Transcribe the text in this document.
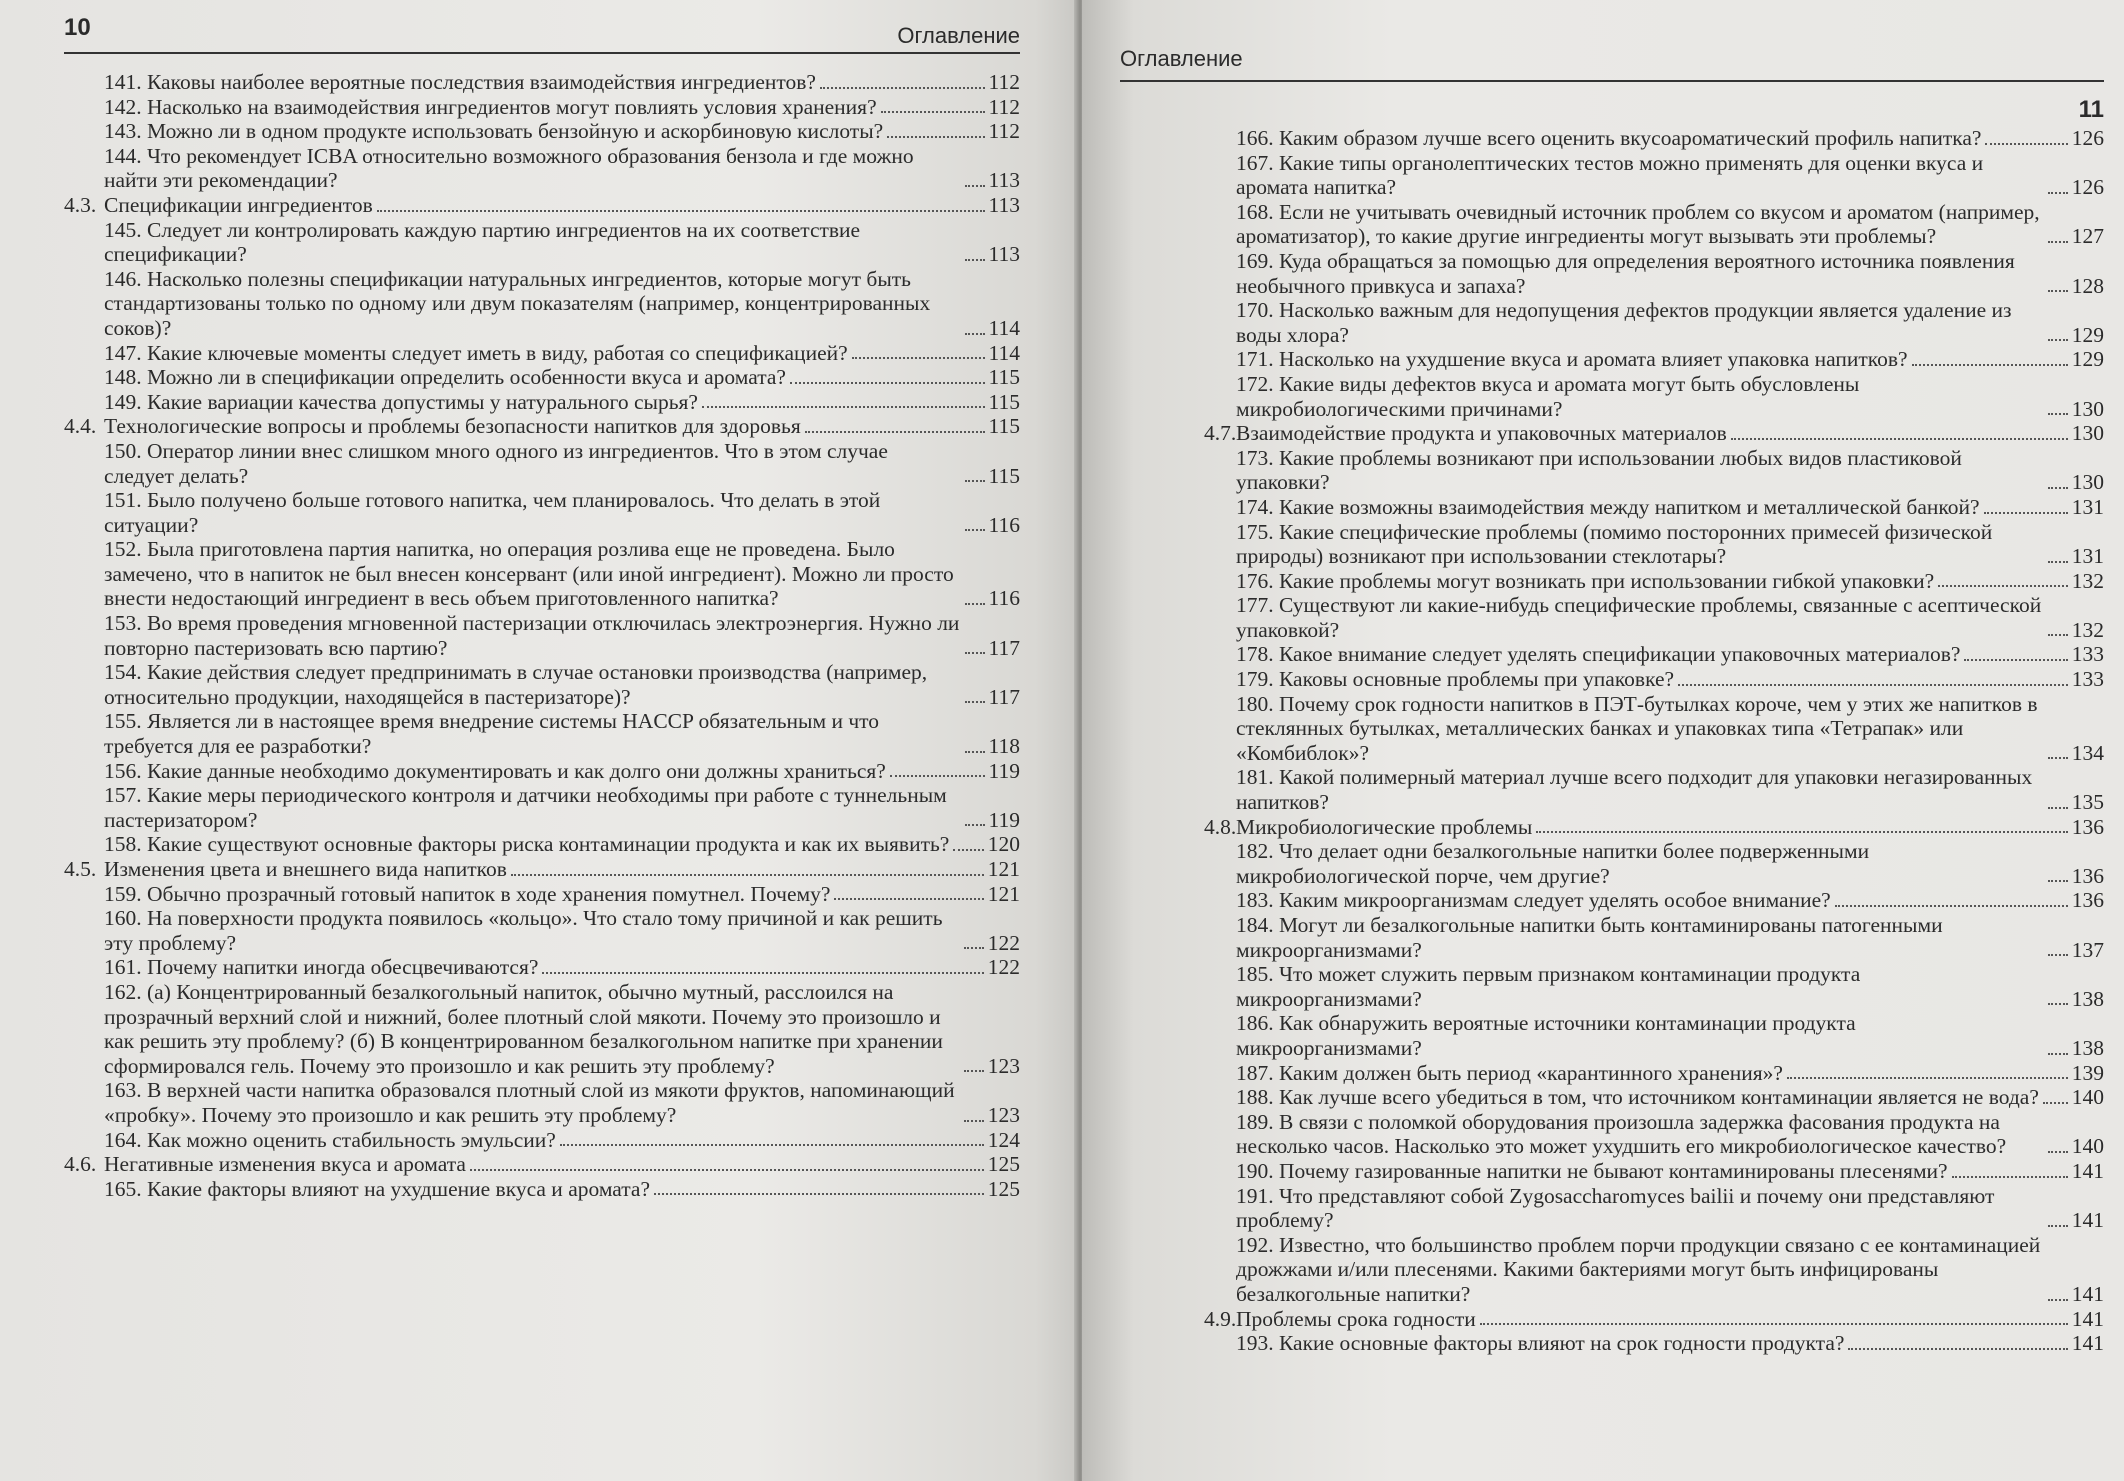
10	Оглавление
141. Каковы наиболее вероятные последствия взаимодействия ингредиентов?	112
142. Насколько на взаимодействия ингредиентов могут повлиять условия хранения?	112
143. Можно ли в одном продукте использовать бензойную и аскорбиновую кислоты?	112
144. Что рекомендует ICBA относительно возможного образования бензола и где можно найти эти рекомендации?	113
4.3. Спецификации ингредиентов	113
145. Следует ли контролировать каждую партию ингредиентов на их соответствие спецификации?	113
146. Насколько полезны спецификации натуральных ингредиентов, которые могут быть стандартизованы только по одному или двум показателям (например, концентрированных соков)?	114
147. Какие ключевые моменты следует иметь в виду, работая со спецификацией?	114
148. Можно ли в спецификации определить особенности вкуса и аромата?	115
149. Какие вариации качества допустимы у натурального сырья?	115
4.4. Технологические вопросы и проблемы безопасности напитков для здоровья	115
150. Оператор линии внес слишком много одного из ингредиентов. Что в этом случае следует делать?	115
151. Было получено больше готового напитка, чем планировалось. Что делать в этой ситуации?	116
152. Была приготовлена партия напитка, но операция розлива еще не проведена. Было замечено, что в напиток не был внесен консервант (или иной ингредиент). Можно ли просто внести недостающий ингредиент в весь объем приготовленного напитка?	116
153. Во время проведения мгновенной пастеризации отключилась электроэнергия. Нужно ли повторно пастеризовать всю партию?	117
154. Какие действия следует предпринимать в случае остановки производства (например, относительно продукции, находящейся в пастеризаторе)?	117
155. Является ли в настоящее время внедрение системы HACCP обязательным и что требуется для ее разработки?	118
156. Какие данные необходимо документировать и как долго они должны храниться?	119
157. Какие меры периодического контроля и датчики необходимы при работе с туннельным пастеризатором?	119
158. Какие существуют основные факторы риска контаминации продукта и как их выявить? 120
4.5. Изменения цвета и внешнего вида напитков	121
159. Обычно прозрачный готовый напиток в ходе хранения помутнел. Почему?	121
160. На поверхности продукта появилось «кольцо». Что стало тому причиной и как решить эту проблему?	122
161. Почему напитки иногда обесцвечиваются?	122
162. (а) Концентрированный безалкогольный напиток, обычно мутный, расслоился на прозрачный верхний слой и нижний, более плотный слой мякоти. Почему это произошло и как решить эту проблему? (б) В концентрированном безалкогольном напитке при хранении сформировался гель. Почему это произошло и как решить эту проблему?	123
163. В верхней части напитка образовался плотный слой из мякоти фруктов, напоминающий «пробку». Почему это произошло и как решить эту проблему?	123
164. Как можно оценить стабильность эмульсии?	124
4.6. Негативные изменения вкуса и аромата	125
165. Какие факторы влияют на ухудшение вкуса и аромата?	125
Оглавление
11
166. Каким образом лучше всего оценить вкусоароматический профиль напитка?	126
167. Какие типы органолептических тестов можно применять для оценки вкуса и аромата напитка?	126
168. Если не учитывать очевидный источник проблем со вкусом и ароматом (например, ароматизатор), то какие другие ингредиенты могут вызывать эти проблемы?	127
169. Куда обращаться за помощью для определения вероятного источника появления необычного привкуса и запаха?	128
170. Насколько важным для недопущения дефектов продукции является удаление из воды хлора?	129
171. Насколько на ухудшение вкуса и аромата влияет упаковка напитков?	129
172. Какие виды дефектов вкуса и аромата могут быть обусловлены микробиологическими причинами?	130
4.7.Взаимодействие продукта и упаковочных материалов	130
173. Какие проблемы возникают при использовании любых видов пластиковой упаковки?	130
174. Какие возможны взаимодействия между напитком и металлической банкой?	131
175. Какие специфические проблемы (помимо посторонних примесей физической природы) возникают при использовании стеклотары?	131
176. Какие проблемы могут возникать при использовании гибкой упаковки?	132
177. Существуют ли какие-нибудь специфические проблемы, связанные с асептической упаковкой?	132
178. Какое внимание следует уделять спецификации упаковочных материалов?	133
179. Каковы основные проблемы при упаковке?	133
180. Почему срок годности напитков в ПЭТ-бутылках короче, чем у этих же напитков в стеклянных бутылках, металлических банках и упаковках типа «Тетрапак» или «Комбиблок»?	134
181. Какой полимерный материал лучше всего подходит для упаковки негазированных напитков?	135
4.8.Микробиологические проблемы	136
182. Что делает одни безалкогольные напитки более подверженными микробиологической порче, чем другие?	136
183. Каким микроорганизмам следует уделять особое внимание?	136
184. Могут ли безалкогольные напитки быть контаминированы патогенными микроорганизмами?	137
185. Что может служить первым признаком контаминации продукта микроорганизмами?	138
186. Как обнаружить вероятные источники контаминации продукта микроорганизмами?	138
187. Каким должен быть период «карантинного хранения»?	139
188. Как лучше всего убедиться в том, что источником контаминации является не вода? 140
189. В связи с поломкой оборудования произошла задержка фасования продукта на несколько часов. Насколько это может ухудшить его микробиологическое качество?	140
190. Почему газированные напитки не бывают контаминированы плесенями?	141
191. Что представляют собой Zygosaccharomyces bailii и почему они представляют проблему?	141
192. Известно, что большинство проблем порчи продукции связано с ее контаминацией дрожжами и/или плесенями. Какими бактериями могут быть инфицированы безалкогольные напитки?	141
4.9.Проблемы срока годности	141
193. Какие основные факторы влияют на срок годности продукта?	141
